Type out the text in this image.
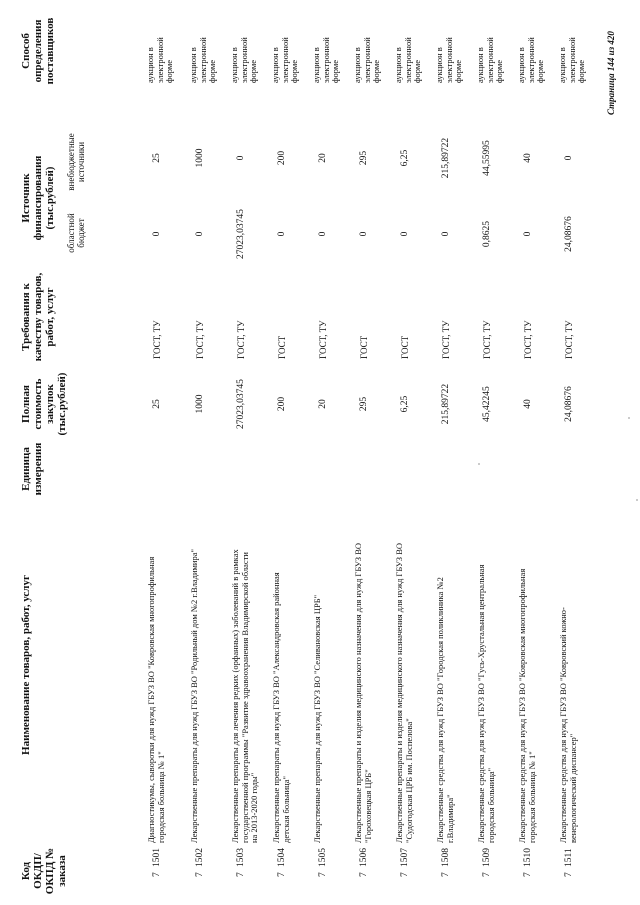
Код ОКДП/ ОКПД № заказа
Наименование товаров, работ, услуг
Единица измерения
Полная стоимость закупок (тыс.рублей)
Требования к качеству товаров, работ, услуг
Источник финансирования (тыс.рублей)
областной бюджет
внебюджетные источники
Способ определения поставщиков
7
1501
Диагностикумы, сыворотки для нужд ГБУЗ ВО "Ковровская многопрофильная городская больница № 1"
25
ГОСТ, ТУ
0
25
аукцион в электронной форме
7
1502
Лекарственные препараты для нужд ГБУЗ ВО "Родильный дом №2 г.Владимира"
1000
ГОСТ, ТУ
0
1000
аукцион в электронной форме
7
1503
Лекарственные препараты для лечения редких (орфанных) заболеваний в рамках государственной программы "Развитие здравоохранения Владимирской области на 2013-2020 годы"
27023,03745
ГОСТ, ТУ
27023,03745
0
аукцион в электронной форме
7
1504
Лекарственные препараты для нужд ГБУЗ ВО "Александровская районная детская больница"
200
ГОСТ
0
200
аукцион в электронной форме
7
1505
Лекарственные препараты для нужд ГБУЗ ВО "Селивановская ЦРБ"
20
ГОСТ, ТУ
0
20
аукцион в электронной форме
7
1506
Лекарственные препараты и изделия медицинского назначения для нужд ГБУЗ ВО "Гороховецкая ЦРБ"
295
ГОСТ
0
295
аукцион в электронной форме
7
1507
Лекарственные препараты и изделия медицинского назначения для нужд ГБУЗ ВО "Судогодская ЦРБ им. Поспелова"
6,25
ГОСТ
0
6,25
аукцион в электронной форме
7
1508
Лекарственные средства для нужд ГБУЗ ВО "Городская поликлиника №2 г.Владимира"
215,89722
ГОСТ, ТУ
0
215,89722
аукцион в электронной форме
7
1509
Лекарственные средства для нужд ГБУЗ ВО "Гусь-Хрустальная центральная городская больница"
45,42245
ГОСТ, ТУ
0,8625
44,55995
аукцион в электронной форме
7
1510
Лекарственные средства для нужд ГБУЗ ВО "Ковровская многопрофильная городская больница № 1"
40
ГОСТ, ТУ
0
40
аукцион в электронной форме
7
1511
Лекарственные средства для нужд ГБУЗ ВО "Ковровский кожно-венерологический диспансер"
24,08676
ГОСТ, ТУ
24,08676
0
аукцион в электронной форме Страница 144 из 420
